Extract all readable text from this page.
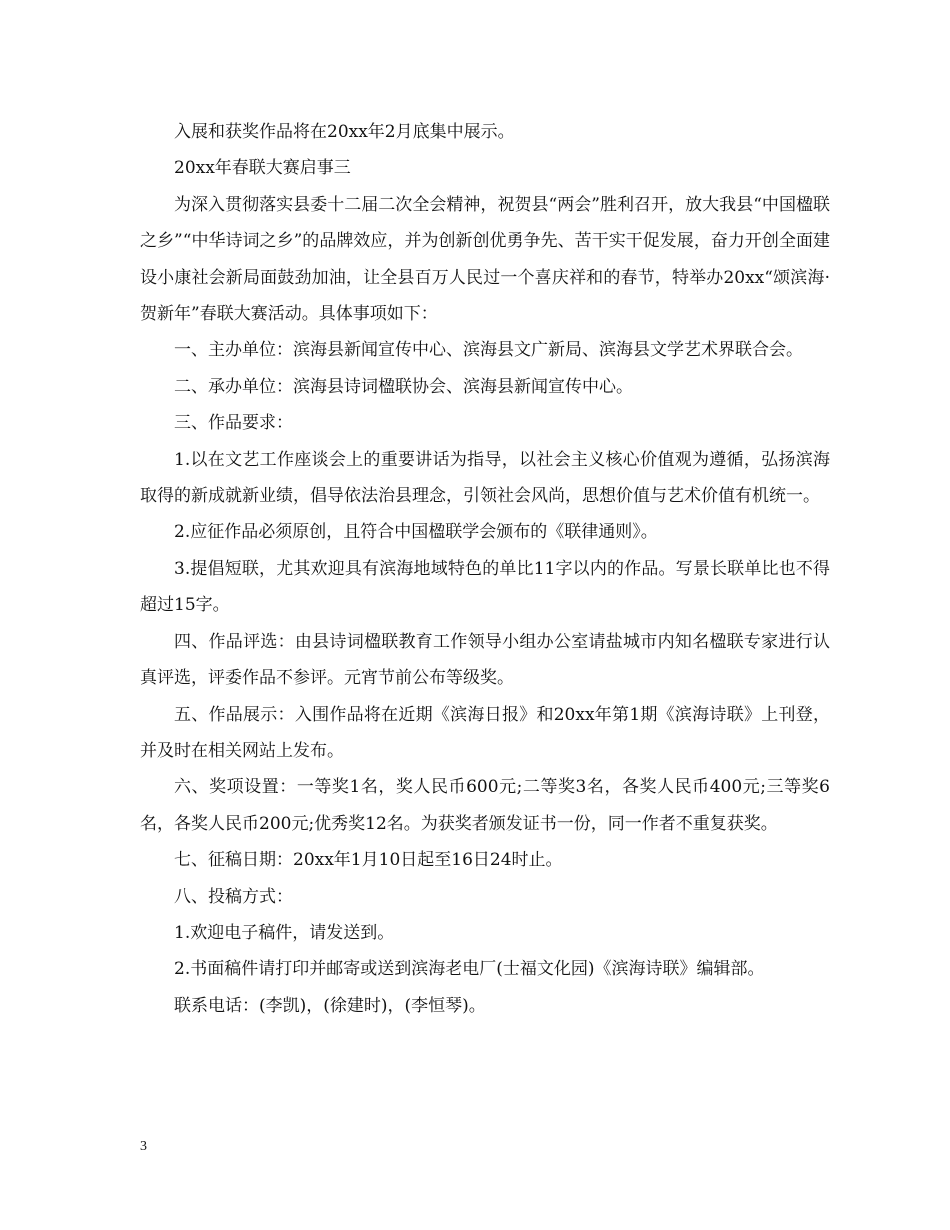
入展和获奖作品将在20xx年2月底集中展示。

20xx年春联大赛启事三

为深入贯彻落实县委十二届二次全会精神，祝贺县“两会”胜利召开，放大我县“中国楹联之乡”“中华诗词之乡”的品牌效应，并为创新创优勇争先、苦干实干促发展，奋力开创全面建设小康社会新局面鼓劲加油，让全县百万人民过一个喜庆祥和的春节，特举办20xx“颂滨海·贺新年”春联大赛活动。具体事项如下：

一、主办单位：滨海县新闻宣传中心、滨海县文广新局、滨海县文学艺术界联合会。

二、承办单位：滨海县诗词楹联协会、滨海县新闻宣传中心。

三、作品要求：

1.以在文艺工作座谈会上的重要讲话为指导，以社会主义核心价值观为遵循，弘扬滨海取得的新成就新业绩，倡导依法治县理念，引领社会风尚，思想价值与艺术价值有机统一。

2.应征作品必须原创，且符合中国楹联学会颁布的《联律通则》。

3.提倡短联，尤其欢迎具有滨海地域特色的单比11字以内的作品。写景长联单比也不得超过15字。

四、作品评选：由县诗词楹联教育工作领导小组办公室请盐城市内知名楹联专家进行认真评选，评委作品不参评。元宵节前公布等级奖。

五、作品展示：入围作品将在近期《滨海日报》和20xx年第1期《滨海诗联》上刊登，并及时在相关网站上发布。

六、奖项设置：一等奖1名，奖人民币600元;二等奖3名，各奖人民币400元;三等奖6名，各奖人民币200元;优秀奖12名。为获奖者颁发证书一份，同一作者不重复获奖。

七、征稿日期：20xx年1月10日起至16日24时止。

八、投稿方式：

1.欢迎电子稿件，请发送到。

2.书面稿件请打印并邮寄或送到滨海老电厂(士福文化园)《滨海诗联》编辑部。

联系电话：(李凯)，(徐建时)，(李恒琴)。

3
